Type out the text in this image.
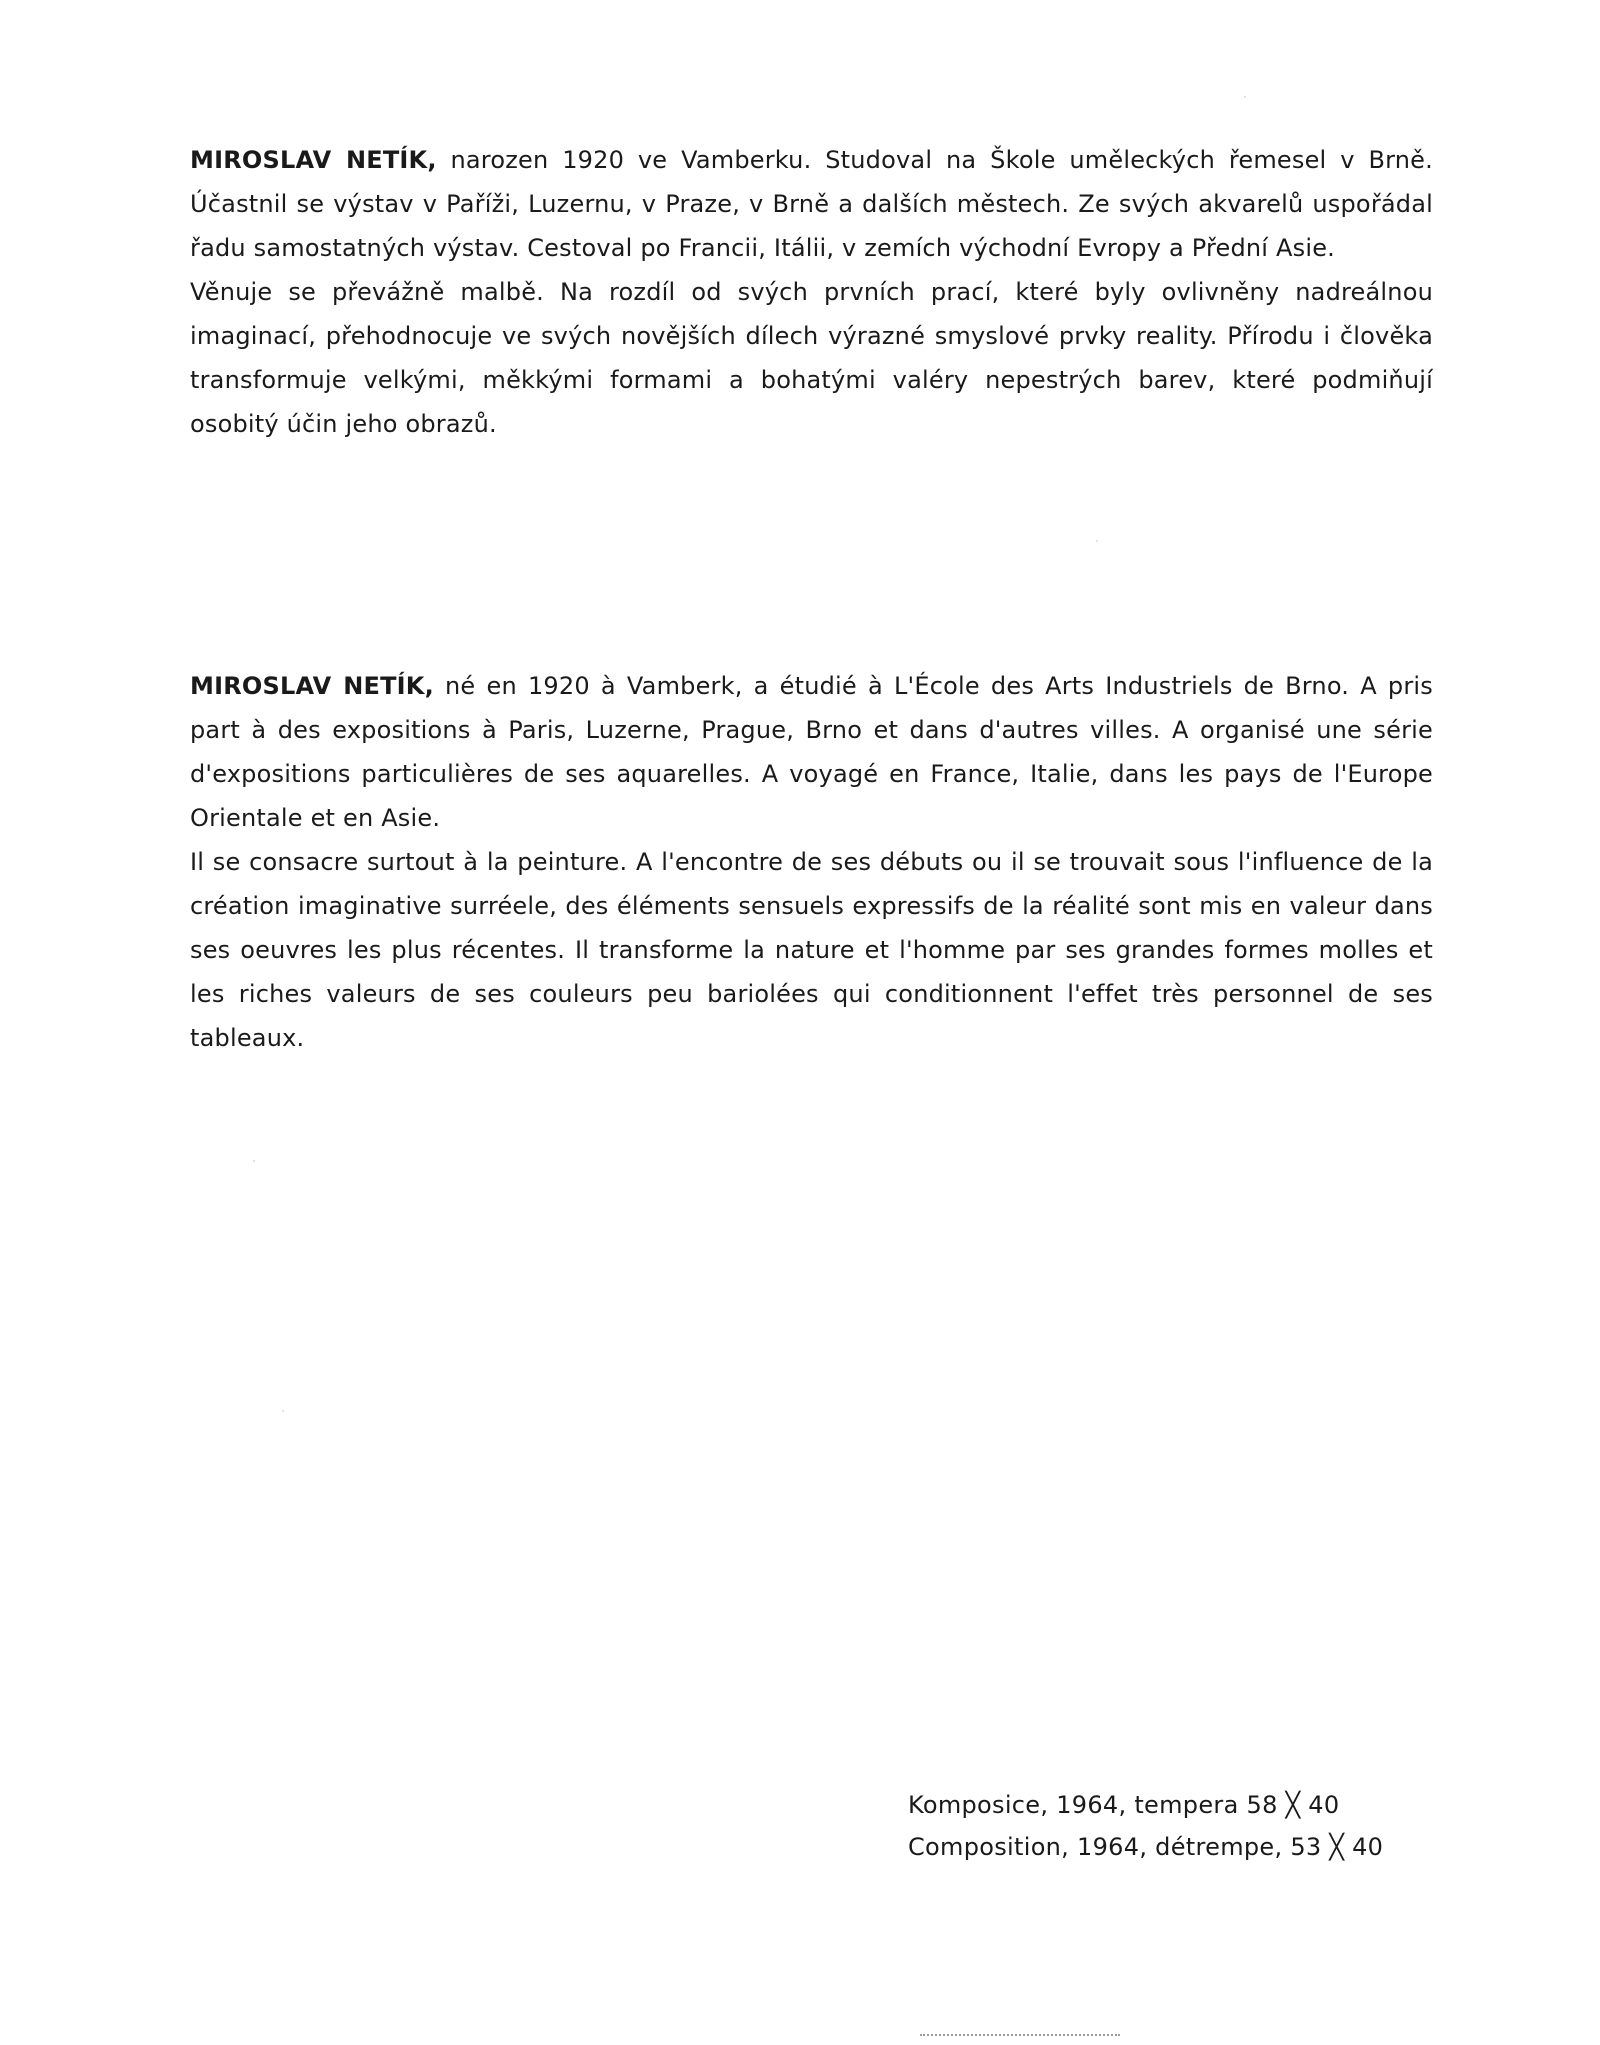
MIROSLAV NETÍK, narozen 1920 ve Vamberku. Studoval na Škole uměleckých řemesel v Brně. Účastnil se výstav v Paříži, Luzernu, v Praze, v Brně a dalších městech. Ze svých akvarelů uspořádal řadu samostatných výstav. Cestoval po Francii, Itálii, v zemích východní Evropy a Přední Asie.

Věnuje se převážně malbě. Na rozdíl od svých prvních prací, které byly ovlivněny nadreálnou imaginací, přehodnocuje ve svých novějších dílech výrazné smyslové prvky reality. Přírodu i člověka transformuje velkými, měkkými formami a bohatými valéry nepestrých barev, které podmiňují osobitý účin jeho obrazů.

MIROSLAV NETÍK, né en 1920 à Vamberk, a étudié à L'École des Arts Industriels de Brno. A pris part à des expositions à Paris, Luzerne, Prague, Brno et dans d'autres villes. A organisé une série d'expositions particulières de ses aquarelles. A voyagé en France, Italie, dans les pays de l'Europe Orientale et en Asie.

Il se consacre surtout à la peinture. A l'encontre de ses débuts ou il se trouvait sous l'influence de la création imaginative surréele, des éléments sensuels expressifs de la réalité sont mis en valeur dans ses oeuvres les plus récentes. Il transforme la nature et l'homme par ses grandes formes molles et les riches valeurs de ses couleurs peu bariolées qui conditionnent l'effet très personnel de ses tableaux.

Komposice, 1964, tempera 58 ╳ 40
Composition, 1964, détrempe, 53 ╳ 40
